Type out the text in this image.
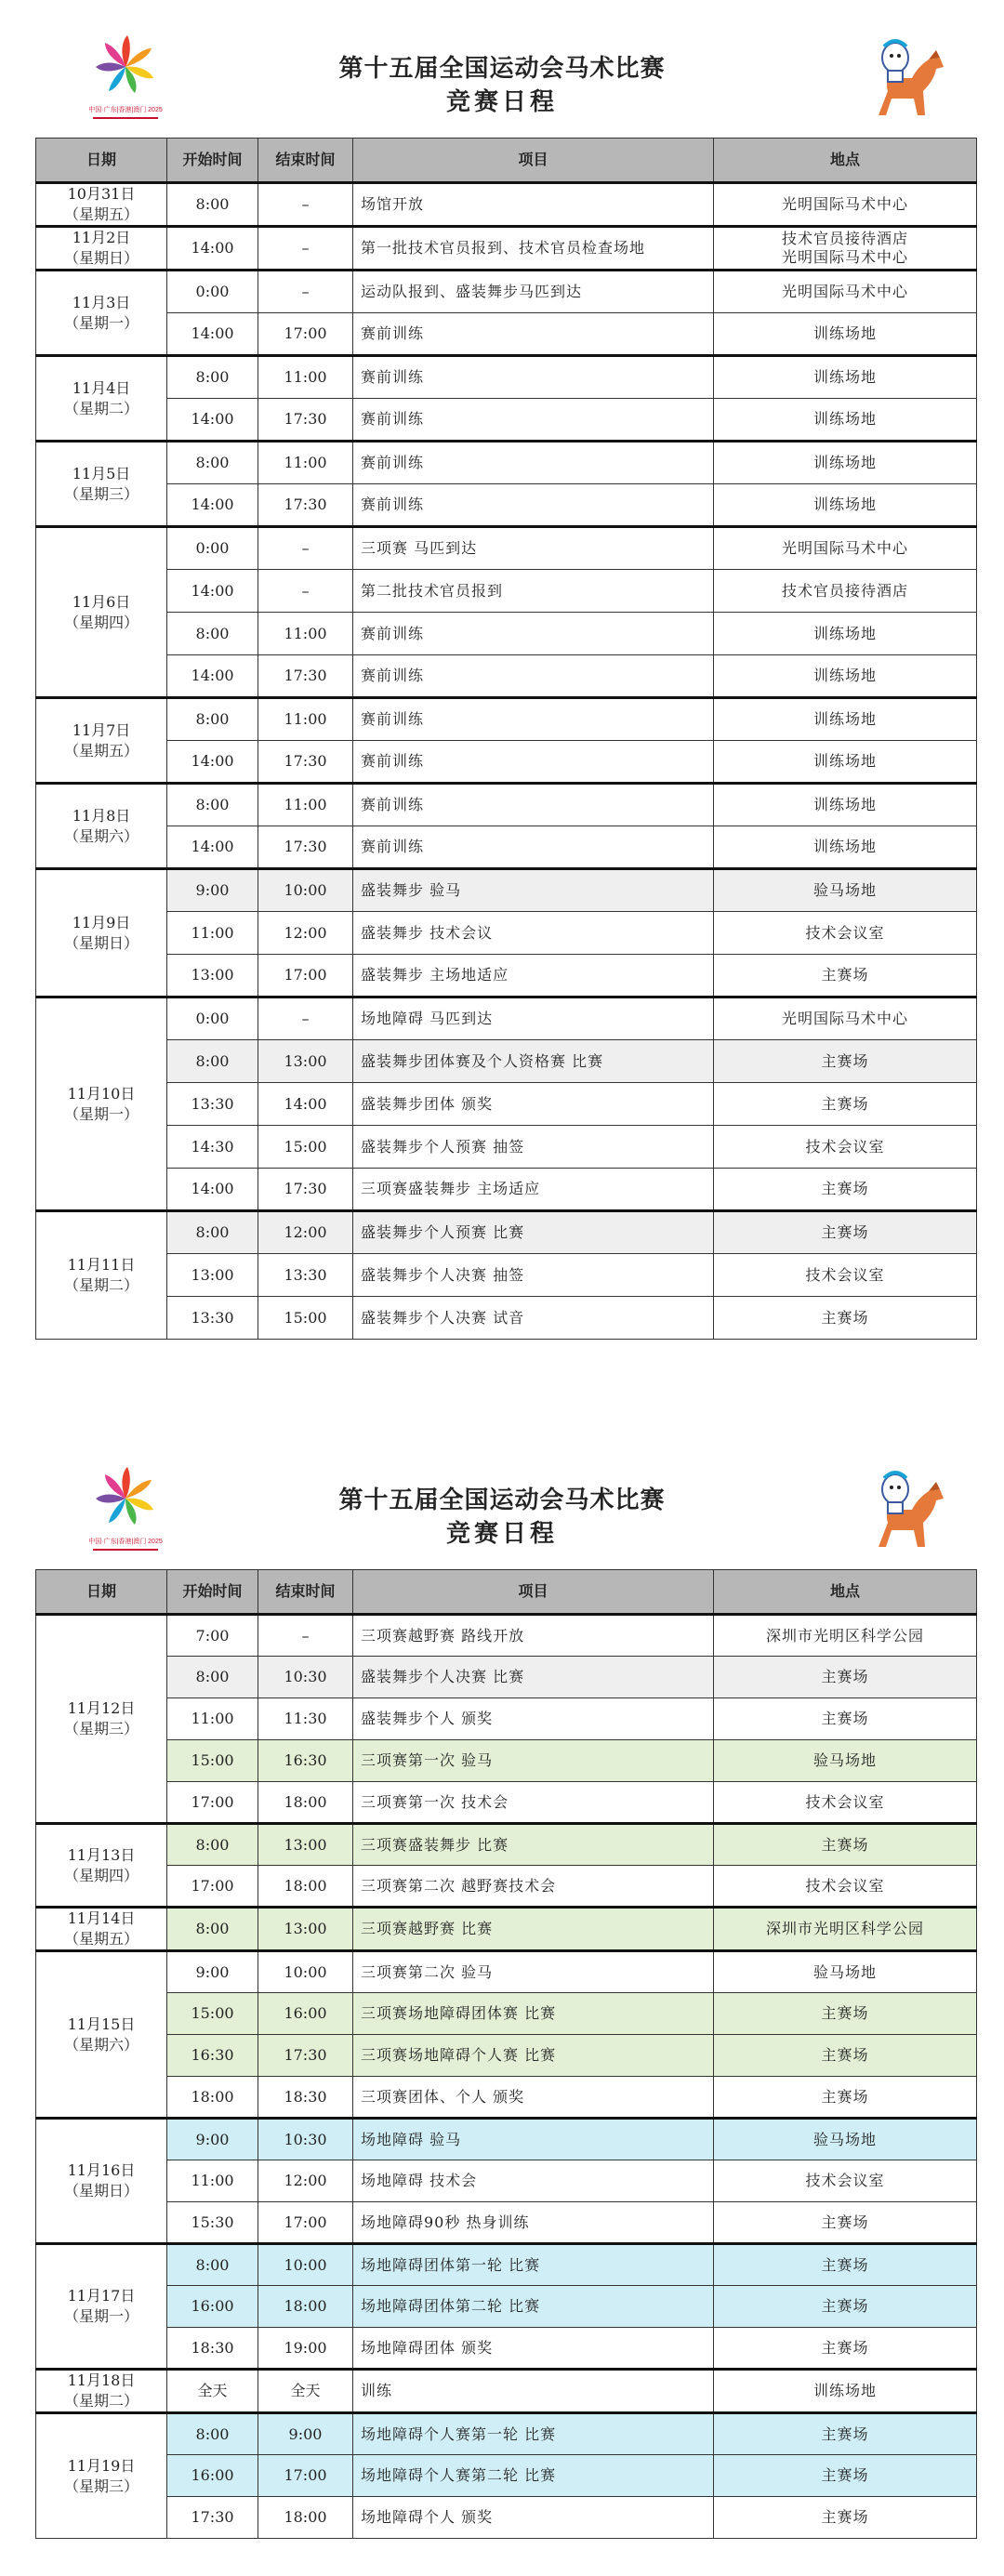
中国·广东|香港|澳门 2025
第十五届全国运动会马术比赛
竞赛日程
日期	开始时间	结束时间	项目	地点
10月31日
（星期五）	8:00	–	场馆开放	光明国际马术中心
11月2日
（星期日）	14:00	–	第一批技术官员报到、技术官员检查场地	技术官员接待酒店
光明国际马术中心
11月3日
（星期一）	0:00	–	运动队报到、盛装舞步马匹到达	光明国际马术中心
	14:00	17:00	赛前训练	训练场地
11月4日
（星期二）	8:00	11:00	赛前训练	训练场地
	14:00	17:30	赛前训练	训练场地
11月5日
（星期三）	8:00	11:00	赛前训练	训练场地
	14:00	17:30	赛前训练	训练场地
11月6日
（星期四）	0:00	–	三项赛 马匹到达	光明国际马术中心
	14:00	–	第二批技术官员报到	技术官员接待酒店
	8:00	11:00	赛前训练	训练场地
	14:00	17:30	赛前训练	训练场地
11月7日
（星期五）	8:00	11:00	赛前训练	训练场地
	14:00	17:30	赛前训练	训练场地
11月8日
（星期六）	8:00	11:00	赛前训练	训练场地
	14:00	17:30	赛前训练	训练场地
11月9日
（星期日）	9:00	10:00	盛装舞步 验马	验马场地
	11:00	12:00	盛装舞步 技术会议	技术会议室
	13:00	17:00	盛装舞步 主场地适应	主赛场
11月10日
（星期一）	0:00	–	场地障碍 马匹到达	光明国际马术中心
	8:00	13:00	盛装舞步团体赛及个人资格赛 比赛	主赛场
	13:30	14:00	盛装舞步团体 颁奖	主赛场
	14:30	15:00	盛装舞步个人预赛 抽签	技术会议室
	14:00	17:30	三项赛盛装舞步 主场适应	主赛场
11月11日
（星期二）	8:00	12:00	盛装舞步个人预赛 比赛	主赛场
	13:00	13:30	盛装舞步个人决赛 抽签	技术会议室
	13:30	15:00	盛装舞步个人决赛 试音	主赛场
中国·广东|香港|澳门 2025
第十五届全国运动会马术比赛
竞赛日程
日期	开始时间	结束时间	项目	地点
11月12日
（星期三）	7:00	–	三项赛越野赛 路线开放	深圳市光明区科学公园
	8:00	10:30	盛装舞步个人决赛 比赛	主赛场
	11:00	11:30	盛装舞步个人 颁奖	主赛场
	15:00	16:30	三项赛第一次 验马	验马场地
	17:00	18:00	三项赛第一次 技术会	技术会议室
11月13日
（星期四）	8:00	13:00	三项赛盛装舞步 比赛	主赛场
	17:00	18:00	三项赛第二次 越野赛技术会	技术会议室
11月14日
（星期五）	8:00	13:00	三项赛越野赛 比赛	深圳市光明区科学公园
11月15日
（星期六）	9:00	10:00	三项赛第二次 验马	验马场地
	15:00	16:00	三项赛场地障碍团体赛 比赛	主赛场
	16:30	17:30	三项赛场地障碍个人赛 比赛	主赛场
	18:00	18:30	三项赛团体、个人 颁奖	主赛场
11月16日
（星期日）	9:00	10:30	场地障碍 验马	验马场地
	11:00	12:00	场地障碍 技术会	技术会议室
	15:30	17:00	场地障碍90秒 热身训练	主赛场
11月17日
（星期一）	8:00	10:00	场地障碍团体第一轮 比赛	主赛场
	16:00	18:00	场地障碍团体第二轮 比赛	主赛场
	18:30	19:00	场地障碍团体 颁奖	主赛场
11月18日
（星期二）	全天	全天	训练	训练场地
11月19日
（星期三）	8:00	9:00	场地障碍个人赛第一轮 比赛	主赛场
	16:00	17:00	场地障碍个人赛第二轮 比赛	主赛场
	17:30	18:00	场地障碍个人 颁奖	主赛场
